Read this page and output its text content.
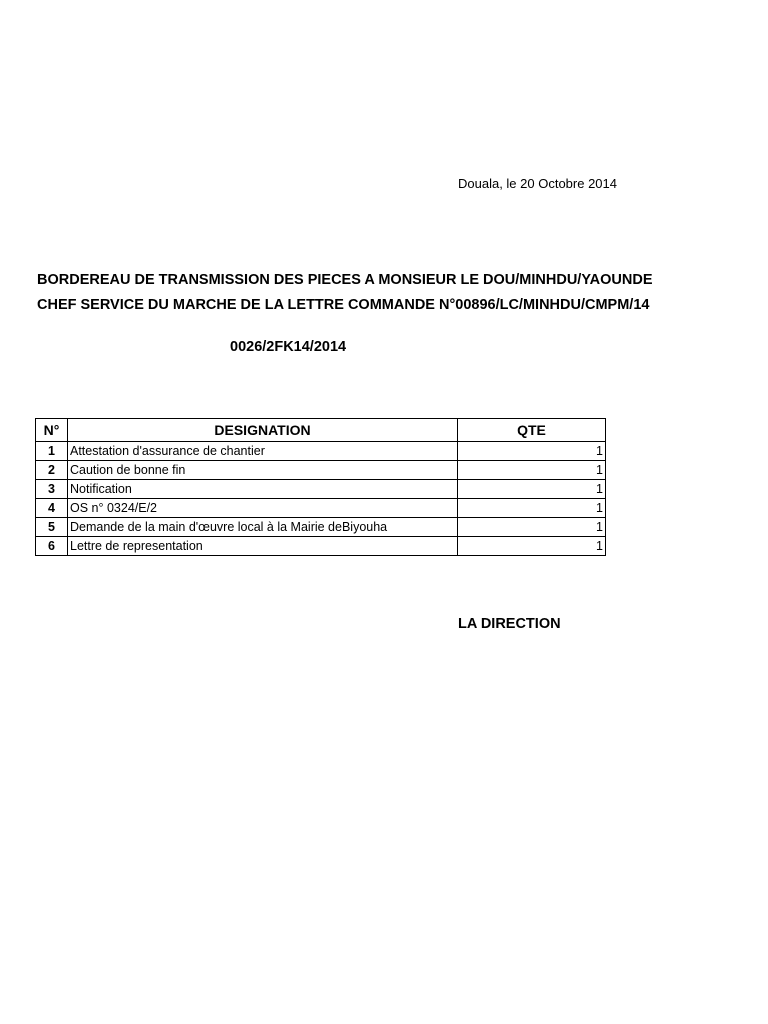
Douala, le 20 Octobre 2014
BORDEREAU DE TRANSMISSION DES PIECES A MONSIEUR LE DOU/MINHDU/YAOUNDE
CHEF SERVICE DU MARCHE DE LA LETTRE COMMANDE N°00896/LC/MINHDU/CMPM/14
0026/2FK14/2014
N°	DESIGNATION	QTE
1	Attestation d'assurance de chantier	1
2	Caution de bonne fin	1
3	Notification	1
4	OS n° 0324/E/2	1
5	Demande de la main d'œuvre local à la Mairie deBiyouha	1
6	Lettre de representation	1
LA DIRECTION
